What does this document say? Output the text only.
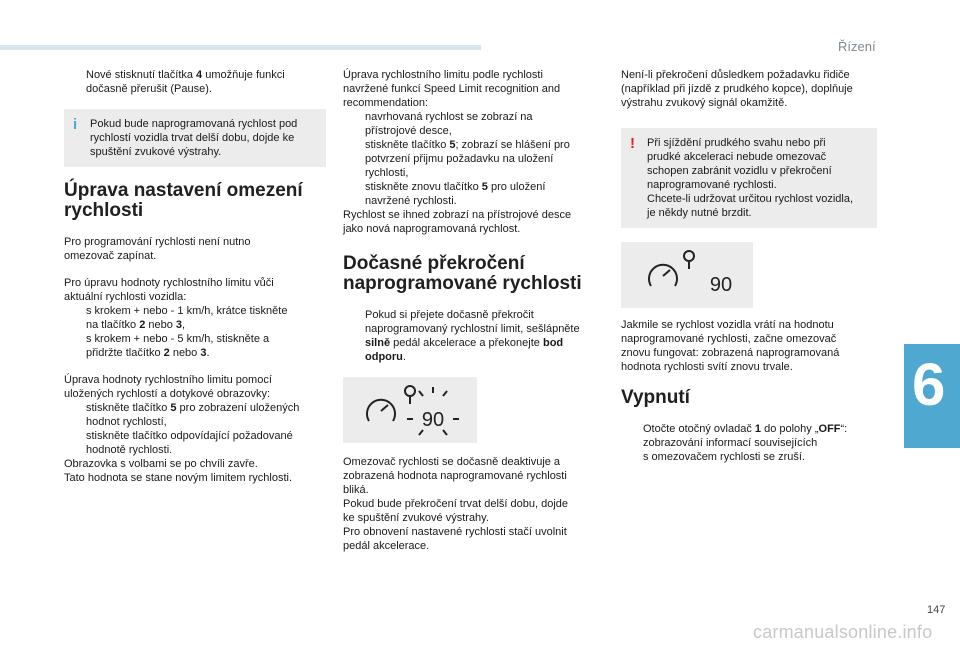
Řízení
6
Nové stisknutí tlačítka 4 umožňuje funkci
dočasně přerušit (Pause).
i Pokud bude naprogramovaná rychlost pod
rychlostí vozidla trvat delší dobu, dojde ke
spuštění zvukové výstrahy.
Úprava nastavení omezení
rychlosti
Pro programování rychlosti není nutno
omezovač zapínat.
Pro úpravu hodnoty rychlostního limitu vůči
aktuální rychlosti vozidla:
s krokem + nebo - 1 km/h, krátce tiskněte
na tlačítko 2 nebo 3,
s krokem + nebo - 5 km/h, stiskněte a
přidržte tlačítko 2 nebo 3.
Úprava hodnoty rychlostního limitu pomocí
uložených rychlostí a dotykové obrazovky:
stiskněte tlačítko 5 pro zobrazení uložených
hodnot rychlostí,
stiskněte tlačítko odpovídající požadované
hodnotě rychlosti.
Obrazovka s volbami se po chvíli zavře.
Tato hodnota se stane novým limitem rychlosti.
Úprava rychlostního limitu podle rychlosti
navržené funkcí Speed Limit recognition and
recommendation:
navrhovaná rychlost se zobrazí na
přístrojové desce,
stiskněte tlačítko 5; zobrazí se hlášení pro
potvrzení přijmu požadavku na uložení
rychlosti,
stiskněte znovu tlačítko 5 pro uložení
navržené rychlosti.
Rychlost se ihned zobrazí na přístrojové desce
jako nová naprogramovaná rychlost.
Dočasné překročení
naprogramované rychlosti
Pokud si přejete dočasně překročit
naprogramovaný rychlostní limit, sešlápněte
silně pedál akcelerace a překonejte bod
odporu.
90
Omezovač rychlosti se dočasně deaktivuje a
zobrazená hodnota naprogramované rychlosti
bliká.
Pokud bude překročení trvat delší dobu, dojde
ke spuštění zvukové výstrahy.
Pro obnovení nastavené rychlosti stačí uvolnit
pedál akcelerace.
Není-li překročení důsledkem požadavku řidiče
(například při jízdě z prudkého kopce), doplňuje
výstrahu zvukový signál okamžitě.
! Při sjíždění prudkého svahu nebo při
prudké akceleraci nebude omezovač
schopen zabránit vozidlu v překročení
naprogramované rychlosti.
Chcete-li udržovat určitou rychlost vozidla,
je někdy nutné brzdit.
90
Jakmile se rychlost vozidla vrátí na hodnotu
naprogramované rychlosti, začne omezovač
znovu fungovat: zobrazená naprogramovaná
hodnota rychlosti svítí znovu trvale.
Vypnutí
Otočte otočný ovladač 1 do polohy „OFF“:
zobrazování informací souvisejících
s omezovačem rychlosti se zruší.
147
carmanualsonline.info
